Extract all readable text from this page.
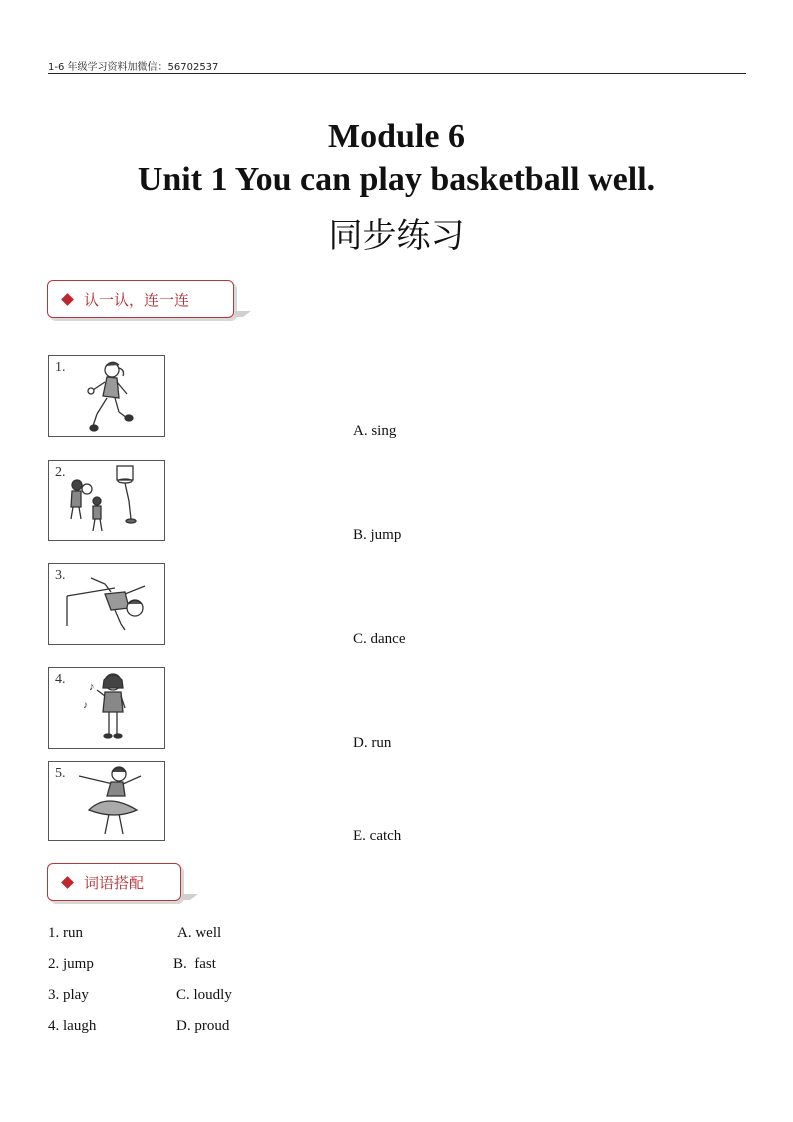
1-6 年级学习资料加微信：56702537
Module 6
Unit 1 You can play basketball well.
同步练习
认一认，连一连
1.
2.
3.
4. ♪
♪
5.
A. sing
B. jump
C. dance
D. run
E. catch
词语搭配
1. run	A. well
2. jump	B.  fast
3. play	C. loudly
4. laugh	D. proud
